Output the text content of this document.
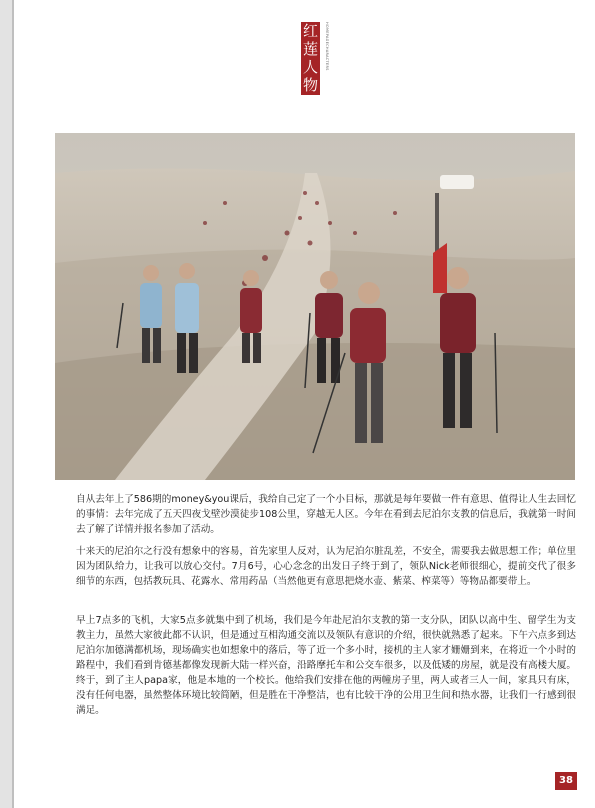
红
莲
人
物
HOMEPAGECHARACTERS

自从去年上了586期的money&you课后，我给自己定了一个小目标，那就是每年要做一件有意思、值得让人生去回忆的事情：去年完成了五天四夜戈壁沙漠徒步108公里，穿越无人区。今年在看到去尼泊尔支教的信息后，我就第一时间去了解了详情并报名参加了活动。

十来天的尼泊尔之行没有想象中的容易，首先家里人反对，认为尼泊尔脏乱差，不安全，需要我去做思想工作；单位里因为团队给力，让我可以放心交付。7月6号，心心念念的出发日子终于到了，领队Nick老师很细心，提前交代了很多细节的东西，包括教玩具、花露水、常用药品（当然他更有意思把烧水壶、紫菜、榨菜等）等物品都要带上。

早上7点多的飞机，大家5点多就集中到了机场，我们是今年赴尼泊尔支教的第一支分队，团队以高中生、留学生为支教主力，虽然大家彼此都不认识，但是通过互相沟通交流以及领队有意识的介绍，很快就熟悉了起来。下午六点多到达尼泊尔加德满都机场，现场确实也如想象中的落后，等了近一个多小时，接机的主人家才姗姗到来，在将近一个小时的路程中，我们看到肯德基都像发现新大陆一样兴奋，沿路摩托车和公交车很多，以及低矮的房屋，就是没有高楼大厦。终于，到了主人papa家，他是本地的一个校长。他给我们安排在他的两幢房子里，两人或者三人一间，家具只有床，没有任何电器，虽然整体环境比较简陋，但是胜在干净整洁，也有比较干净的公用卫生间和热水器，让我们一行感到很满足。

38
